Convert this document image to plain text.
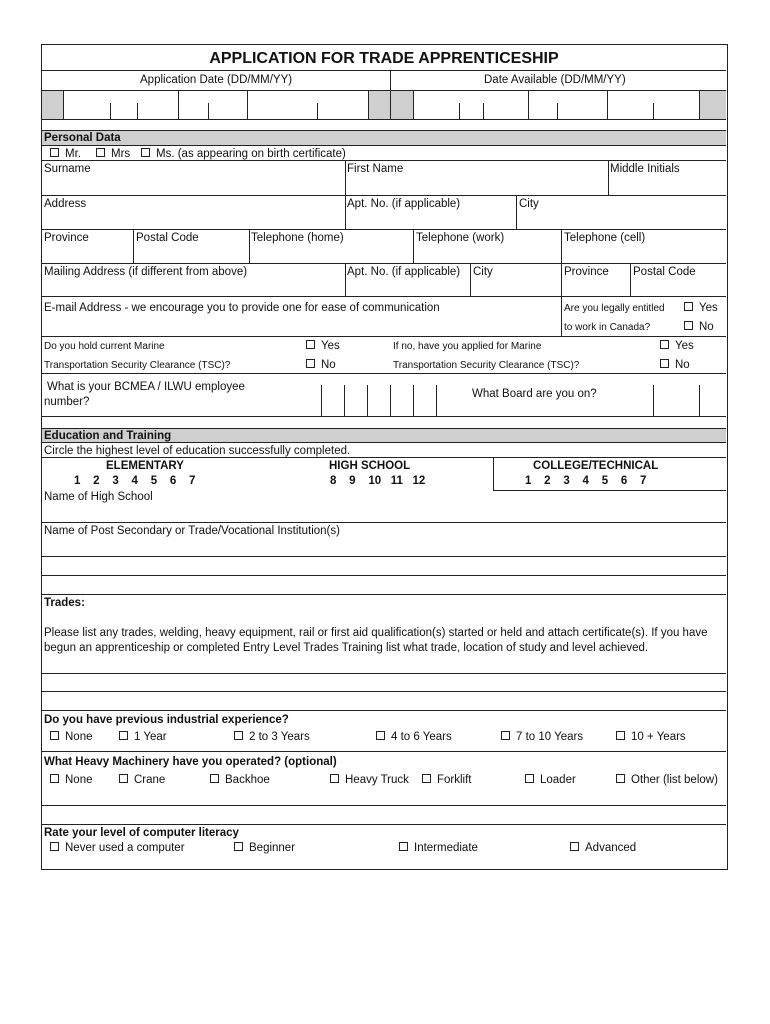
APPLICATION FOR TRADE APPRENTICESHIP
Application Date (DD/MM/YY)	Date Available (DD/MM/YY)
Personal Data
Mr.	Mrs	Ms. (as appearing on birth certificate)
Surname	First Name	Middle Initials
Address	Apt. No. (if applicable)	City
Province	Postal Code	Telephone (home)	Telephone (work)	Telephone (cell)
Mailing Address (if different from above)	Apt. No. (if applicable) City	Province Postal Code
E-mail Address - we encourage you to provide one for ease of communication	Are you legally entitled
to work in Canada?
Yes
No
Do you hold current Marine
Transportation Security Clearance (TSC)?
Yes
No
If no, have you applied for Marine
Transportation Security Clearance (TSC)?
Yes
No
What is your BCMEA / ILWU employee
number?
What Board are you on?
Education and Training
Circle the highest level of education successfully completed.
ELEMENTARY
1    2    3    4    5    6    7
HIGH SCHOOL
8    9    10   11   12
COLLEGE/TECHNICAL
1    2    3    4    5    6    7
Name of High School
Name of Post Secondary or Trade/Vocational Institution(s)
Trades:
Please list any trades, welding, heavy equipment, rail or first aid qualification(s) started or held and attach certificate(s). If you have
begun an apprenticeship or completed Entry Level Trades Training list what trade, location of study and level achieved.
Do you have previous industrial experience?
None	1 Year	2 to 3 Years	4 to 6 Years	7 to 10 Years	10 + Years
What Heavy Machinery have you operated? (optional)
None	Crane	Backhoe	Heavy Truck	Forklift	Loader	Other (list below)
Rate your level of computer literacy
Never used a computer	Beginner	Intermediate	Advanced
